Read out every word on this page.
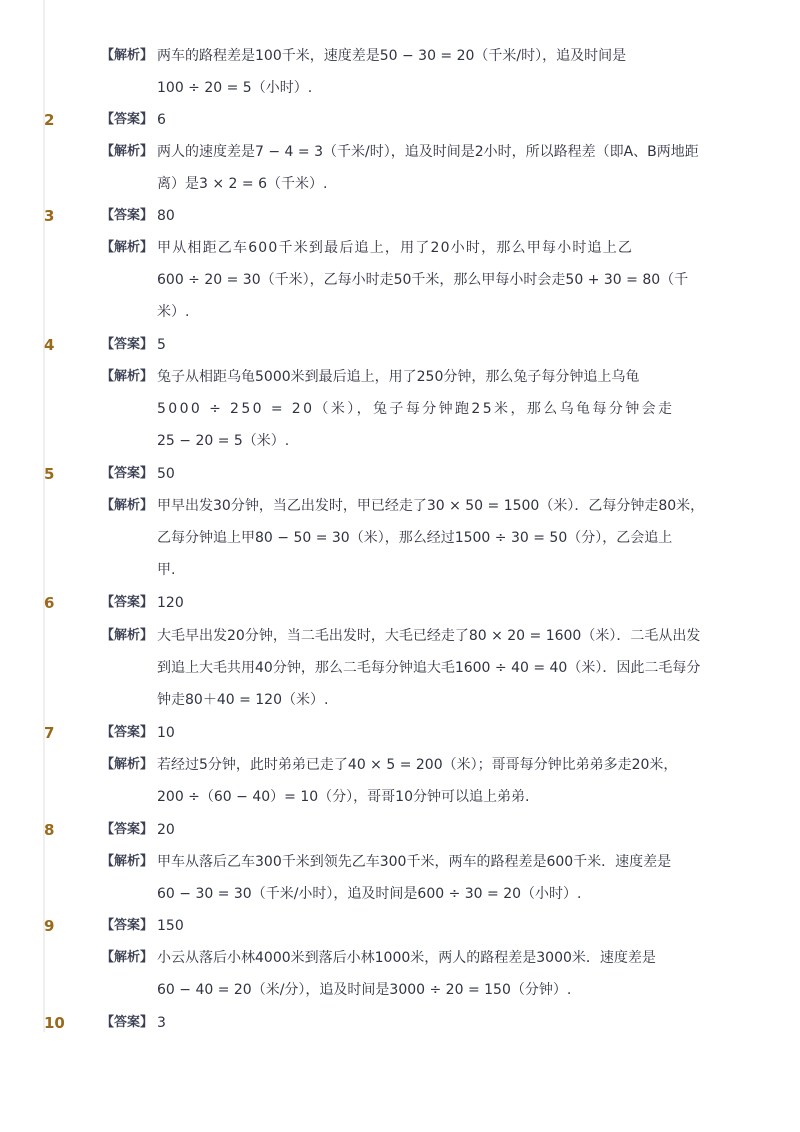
【解析】 两车的路程差是100千米，速度差是50 − 30 = 20（千米/时），追及时间是
100 ÷ 20 = 5（小时）.
2	【答案】 6
【解析】 两人的速度差是7 − 4 = 3（千米/时），追及时间是2小时，所以路程差（即A、B两地距
离）是3 × 2 = 6（千米）.
3	【答案】 80
【解析】 甲从相距乙车600千米到最后追上，用了20小时，那么甲每小时追上乙
600 ÷ 20 = 30（千米），乙每小时走50千米，那么甲每小时会走50 + 30 = 80（千
米）.
4	【答案】 5
【解析】 兔子从相距乌龟5000米到最后追上，用了250分钟，那么兔子每分钟追上乌龟
5000 ÷ 250 = 20（米），兔子每分钟跑25米，那么乌龟每分钟会走
25 − 20 = 5（米）.
5	【答案】 50
【解析】 甲早出发30分钟，当乙出发时，甲已经走了30 × 50 = 1500（米）．乙每分钟走80米，
乙每分钟追上甲80 − 50 = 30（米），那么经过1500 ÷ 30 = 50（分），乙会追上
甲.
6	【答案】 120
【解析】 大毛早出发20分钟，当二毛出发时，大毛已经走了80 × 20 = 1600（米）．二毛从出发
到追上大毛共用40分钟，那么二毛每分钟追大毛1600 ÷ 40 = 40（米）．因此二毛每分
钟走80＋40 = 120（米）.
7	【答案】 10
【解析】 若经过5分钟，此时弟弟已走了40 × 5 = 200（米）；哥哥每分钟比弟弟多走20米，
200 ÷（60 − 40）= 10（分），哥哥10分钟可以追上弟弟.
8	【答案】 20
【解析】 甲车从落后乙车300千米到领先乙车300千米，两车的路程差是600千米．速度差是
60 − 30 = 30（千米/小时），追及时间是600 ÷ 30 = 20（小时）.
9	【答案】 150
【解析】 小云从落后小林4000米到落后小林1000米，两人的路程差是3000米．速度差是
60 − 40 = 20（米/分），追及时间是3000 ÷ 20 = 150（分钟）.
10	【答案】 3
